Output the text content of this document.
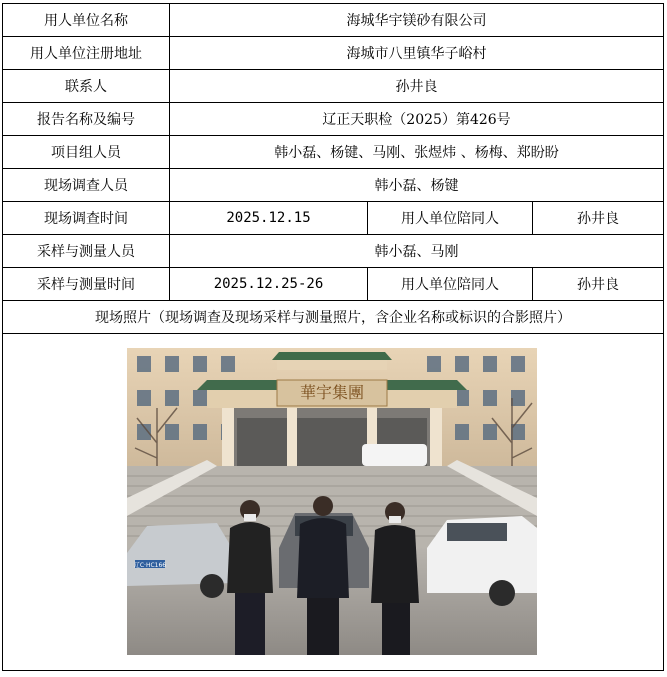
用人单位名称	海城华宇镁砂有限公司		
用人单位注册地址	海城市八里镇华子峪村		
联系人	孙井良		
报告名称及编号	辽正天职检（2025）第426号		
项目组人员	韩小磊、杨键、马刚、张煜炜 、杨梅、郑盼盼		
现场调查人员	韩小磊、杨键		
现场调查时间	2025.12.15	用人单位陪同人	孙井良
采样与测量人员	韩小磊、马刚		
采样与测量时间	2025.12.25-26	用人单位陪同人	孙井良
现场照片（现场调查及现场采样与测量照片，含企业名称或标识的合影照片）			

華宇集團
辽C·HC166			
